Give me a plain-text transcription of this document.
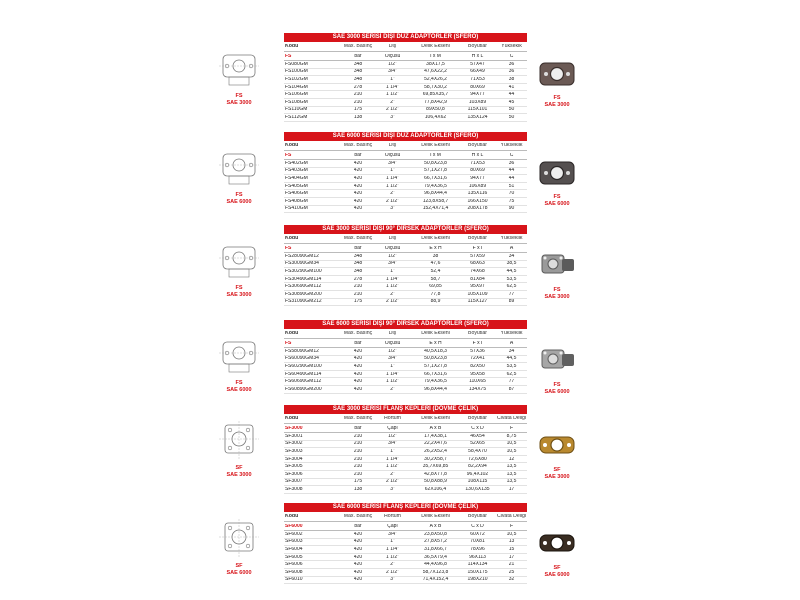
SAE 3000 SERİSİ DİŞİ DÜZ ADAPTÖRLER (SFERO)
Kodu	Max. Basınç	Diş	Delik Ekseni	Boyutlar	Yüksekik
FS	bar	Ölçüsü	I x M	H x L	C
FS080GM	348	1/2"	38X17,5	57X47	36
FS100GM	348	3/4"	47,6X22,2	66X49	36
FS102GM	348	1"	52,4X26,2	71X53	38
FS104GM	278	1 1/4"	58,7X30,2	80X69	41
FS106GM	210	1 1/2"	69,85X35,7	94X77	44
FS108GM	210	2"	77,8X42,9	103X89	45
FS110GM	175	2 1/2"	89X50,8	115X101	50
FS112GM	138	3"	106,4X62	135X124	50
FS
SAE 3000
FS
SAE 3000
SAE 6000 SERİSİ DİŞİ DÜZ ADAPTÖRLER (SFERO)
Kodu	Max. Basınç	Diş	Delik Ekseni	Boyutlar	Yükseklik
FS	bar	Ölçüsü	I x M	H x L	C
FS402GM	420	3/4"	50,8X23,8	71X53	36
FS403GM	420	1"	57,1X27,8	80X69	44
FS404GM	420	1 1/4"	66,7X31,6	94X77	44
FS405GM	420	1 1/2"	79,4X36,5	106X89	51
FS406GM	420	2"	96,8X44,4	135X116	70
FS408GM	420	2 1/2"	123,8X58,7	166X150	75
FS410GM	420	3"	152,4X71,4	208X178	90
FS
SAE 6000
FS
SAE 6000
SAE 3000 SERİSİ DİŞİ 90° DİRSEK ADAPTÖRLER (SFERO)
Kodu	Max. Basınç	Diş	Delik Ekseni	Boyutlar	Yükseklik
FS	bar	Ölçüsü	E x H	F x I	A
FS28090GM12	348	1/2"	38	57X59	34
FS30090GM34	348	3/4"	47,6	68X63	38,5
FS30290GM100	348	1"	52,4	74X68	44,5
FS30490GM114	278	1 1/4"	58,7	81X84	53,5
FS30690GM112	210	1 1/2"	69,85	95X97	62,5
FS30890GM200	210	2"	77,8	105X109	77
FS31090GM212	175	2 1/2"	88,9	115X127	89
FS
SAE 3000
FS
SAE 3000
SAE 6000 SERİSİ DİŞİ 90° DİRSEK ADAPTÖRLER (SFERO)
Kodu	Max. Basınç	Diş	Delik Ekseni	Boyutlar	Yükseklik
FS	bar	Ölçüsü	E x H	F x I	A
FS58090GM12	420	1/2"	40,5X18,3	57X36	34
FS60090GM34	420	3/4"	50,8X23,8	72X41	44,5
FS60290GM100	420	1"	57,1X27,8	82X50	53,5
FS60490GM114	420	1 1/4"	66,7X31,6	95X58	62,5
FS60690GM112	420	1 1/2"	79,4X36,5	110X65	77
FS60890GM200	420	2"	96,8X44,4	134X75	87
FS
SAE 6000
FS
SAE 6000
SAE 3000 SERİSİ FLANŞ KEPLERİ (DÖVME ÇELİK)
Kodu	Max. Basınç	Hortum	Delik Ekseni	Boyutlar	Civata Deliği
SF3000	bar	Çapı	A x B	C x D	F
SF3001	210	1/2"	17,4X38,1	46X54	8,75
SF3002	210	3/4"	22,2X47,6	52X65	10,5
SF3003	210	1"	26,2X52,4	58,4X70	10,5
SF3004	210	1 1/4"	30,2X58,7	72,6X80	12
SF3005	210	1 1/2"	35,7X69,85	82,2X94	13,5
SF3006	210	2"	42,8X77,8	96,4X102	13,5
SF3007	175	2 1/2"	50,8X88,9	108X115	13,5
SF3008	138	3"	62X106,4	130,6X135	17
SF
SAE 3000
SF
SAE 3000
SAE 6000 SERİSİ FLANŞ KEPLERİ (DÖVME ÇELİK)
Kodu	Max. Basınç	Hortum	Delik Ekseni	Boyutlar	Civata Deliği
SF6000	bar	Çapı	A x B	C x D	F
SF6002	420	3/4"	23,8X50,8	60X72	10,5
SF6003	420	1"	27,8X57,2	70X81	13
SF6004	420	1 1/4"	31,8X66,7	78X96	15
SF6005	420	1 1/2"	36,5X79,4	96X113	17
SF6006	420	2"	44,4X96,8	114X134	21
SF6008	420	2 1/2"	58,7X123,8	150X175	25
SF6010	420	3"	71,4X152,4	198X210	32
SF
SAE 6000
SF
SAE 6000
